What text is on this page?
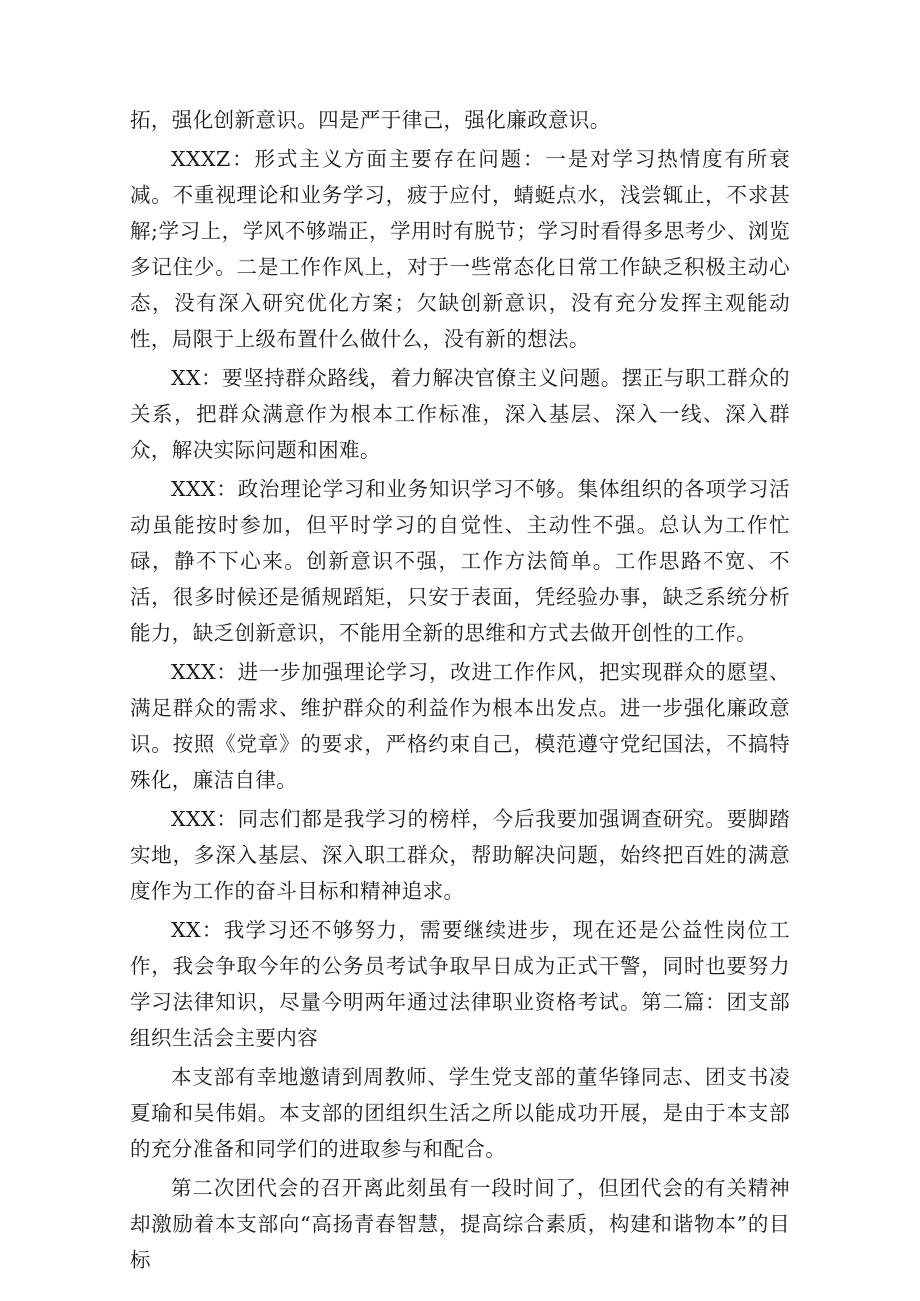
拓，强化创新意识。四是严于律己，强化廉政意识。

XXXZ：形式主义方面主要存在问题：一是对学习热情度有所衰减。不重视理论和业务学习，疲于应付，蜻蜓点水，浅尝辄止，不求甚解;学习上，学风不够端正，学用时有脱节；学习时看得多思考少、浏览多记住少。二是工作作风上，对于一些常态化日常工作缺乏积极主动心态，没有深入研究优化方案；欠缺创新意识，没有充分发挥主观能动性，局限于上级布置什么做什么，没有新的想法。

XX：要坚持群众路线，着力解决官僚主义问题。摆正与职工群众的关系，把群众满意作为根本工作标准，深入基层、深入一线、深入群众，解决实际问题和困难。

XXX：政治理论学习和业务知识学习不够。集体组织的各项学习活动虽能按时参加，但平时学习的自觉性、主动性不强。总认为工作忙碌，静不下心来。创新意识不强，工作方法简单。工作思路不宽、不活，很多时候还是循规蹈矩，只安于表面，凭经验办事，缺乏系统分析能力，缺乏创新意识，不能用全新的思维和方式去做开创性的工作。

XXX：进一步加强理论学习，改进工作作风，把实现群众的愿望、满足群众的需求、维护群众的利益作为根本出发点。进一步强化廉政意识。按照《党章》的要求，严格约束自己，模范遵守党纪国法，不搞特殊化，廉洁自律。

XXX：同志们都是我学习的榜样，今后我要加强调查研究。要脚踏实地，多深入基层、深入职工群众，帮助解决问题，始终把百姓的满意度作为工作的奋斗目标和精神追求。

XX：我学习还不够努力，需要继续进步，现在还是公益性岗位工作，我会争取今年的公务员考试争取早日成为正式干警，同时也要努力学习法律知识，尽量今明两年通过法律职业资格考试。第二篇：团支部组织生活会主要内容

本支部有幸地邀请到周教师、学生党支部的董华锋同志、团支书凌夏瑜和吴伟娟。本支部的团组织生活之所以能成功开展，是由于本支部的充分准备和同学们的进取参与和配合。

第二次团代会的召开离此刻虽有一段时间了，但团代会的有关精神却激励着本支部向“高扬青春智慧，提高综合素质，构建和谐物本”的目标
